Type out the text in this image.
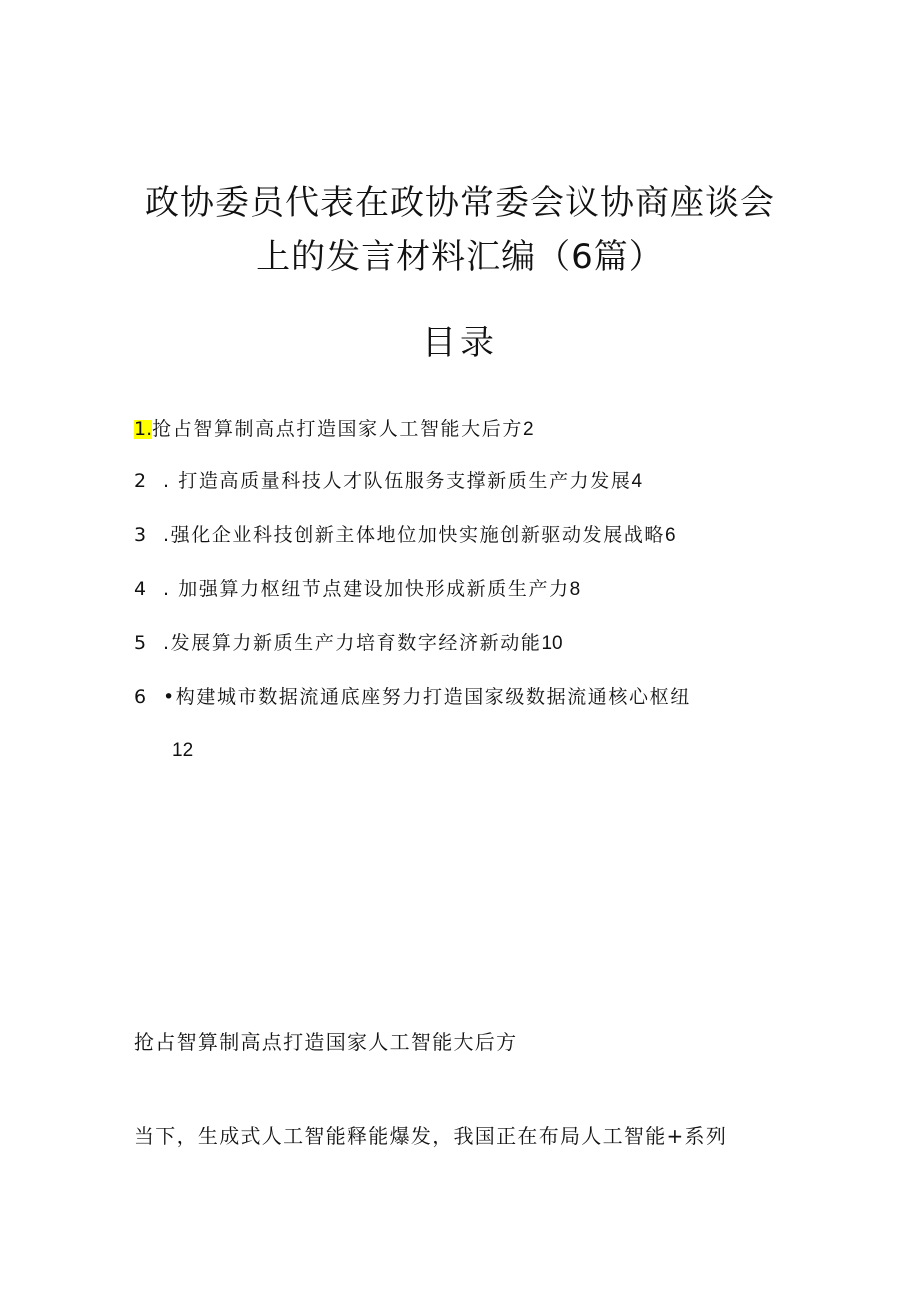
政协委员代表在政协常委会议协商座谈会
上的发言材料汇编（6篇）
目录
1.抢占智算制高点打造国家人工智能大后方2
2  . 打造高质量科技人才队伍服务支撑新质生产力发展4
3  .强化企业科技创新主体地位加快实施创新驱动发展战略6
4  . 加强算力枢纽节点建设加快形成新质生产力8
5  .发展算力新质生产力培育数字经济新动能10
6  •构建城市数据流通底座努力打造国家级数据流通核心枢纽
12
抢占智算制高点打造国家人工智能大后方
当下，生成式人工智能释能爆发，我国正在布局人工智能+系列
